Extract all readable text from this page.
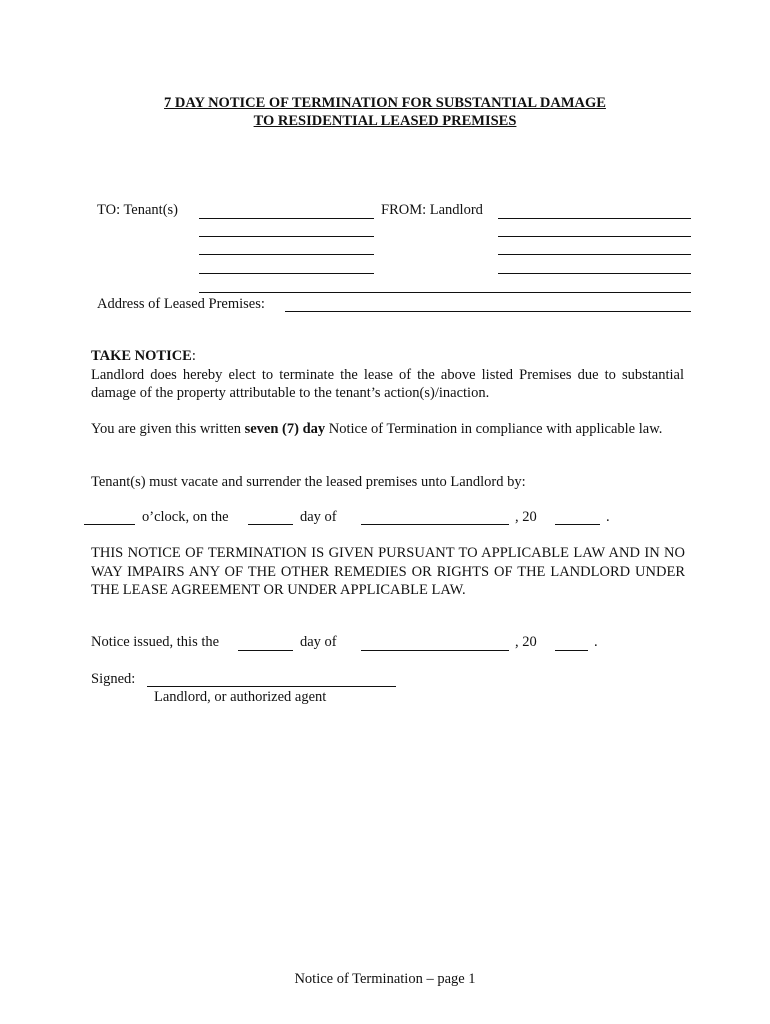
7 DAY NOTICE OF TERMINATION FOR SUBSTANTIAL DAMAGE
TO RESIDENTIAL LEASED PREMISES
TO: Tenant(s)	FROM: Landlord
Address of Leased Premises:
TAKE NOTICE:
Landlord does hereby elect to terminate the lease of the above listed Premises due to substantial damage of the property attributable to the tenant’s action(s)/inaction.
You are given this written seven (7) day Notice of Termination in compliance with applicable law.
Tenant(s) must vacate and surrender the leased premises unto Landlord by:
o’clock, on the	day of	, 20	.
THIS NOTICE OF TERMINATION IS GIVEN PURSUANT TO APPLICABLE LAW AND IN NO WAY IMPAIRS ANY OF THE OTHER REMEDIES OR RIGHTS OF THE LANDLORD UNDER THE LEASE AGREEMENT OR UNDER APPLICABLE LAW.
Notice issued, this the	day of	, 20	.
Signed:
Landlord, or authorized agent
Notice of Termination – page 1
